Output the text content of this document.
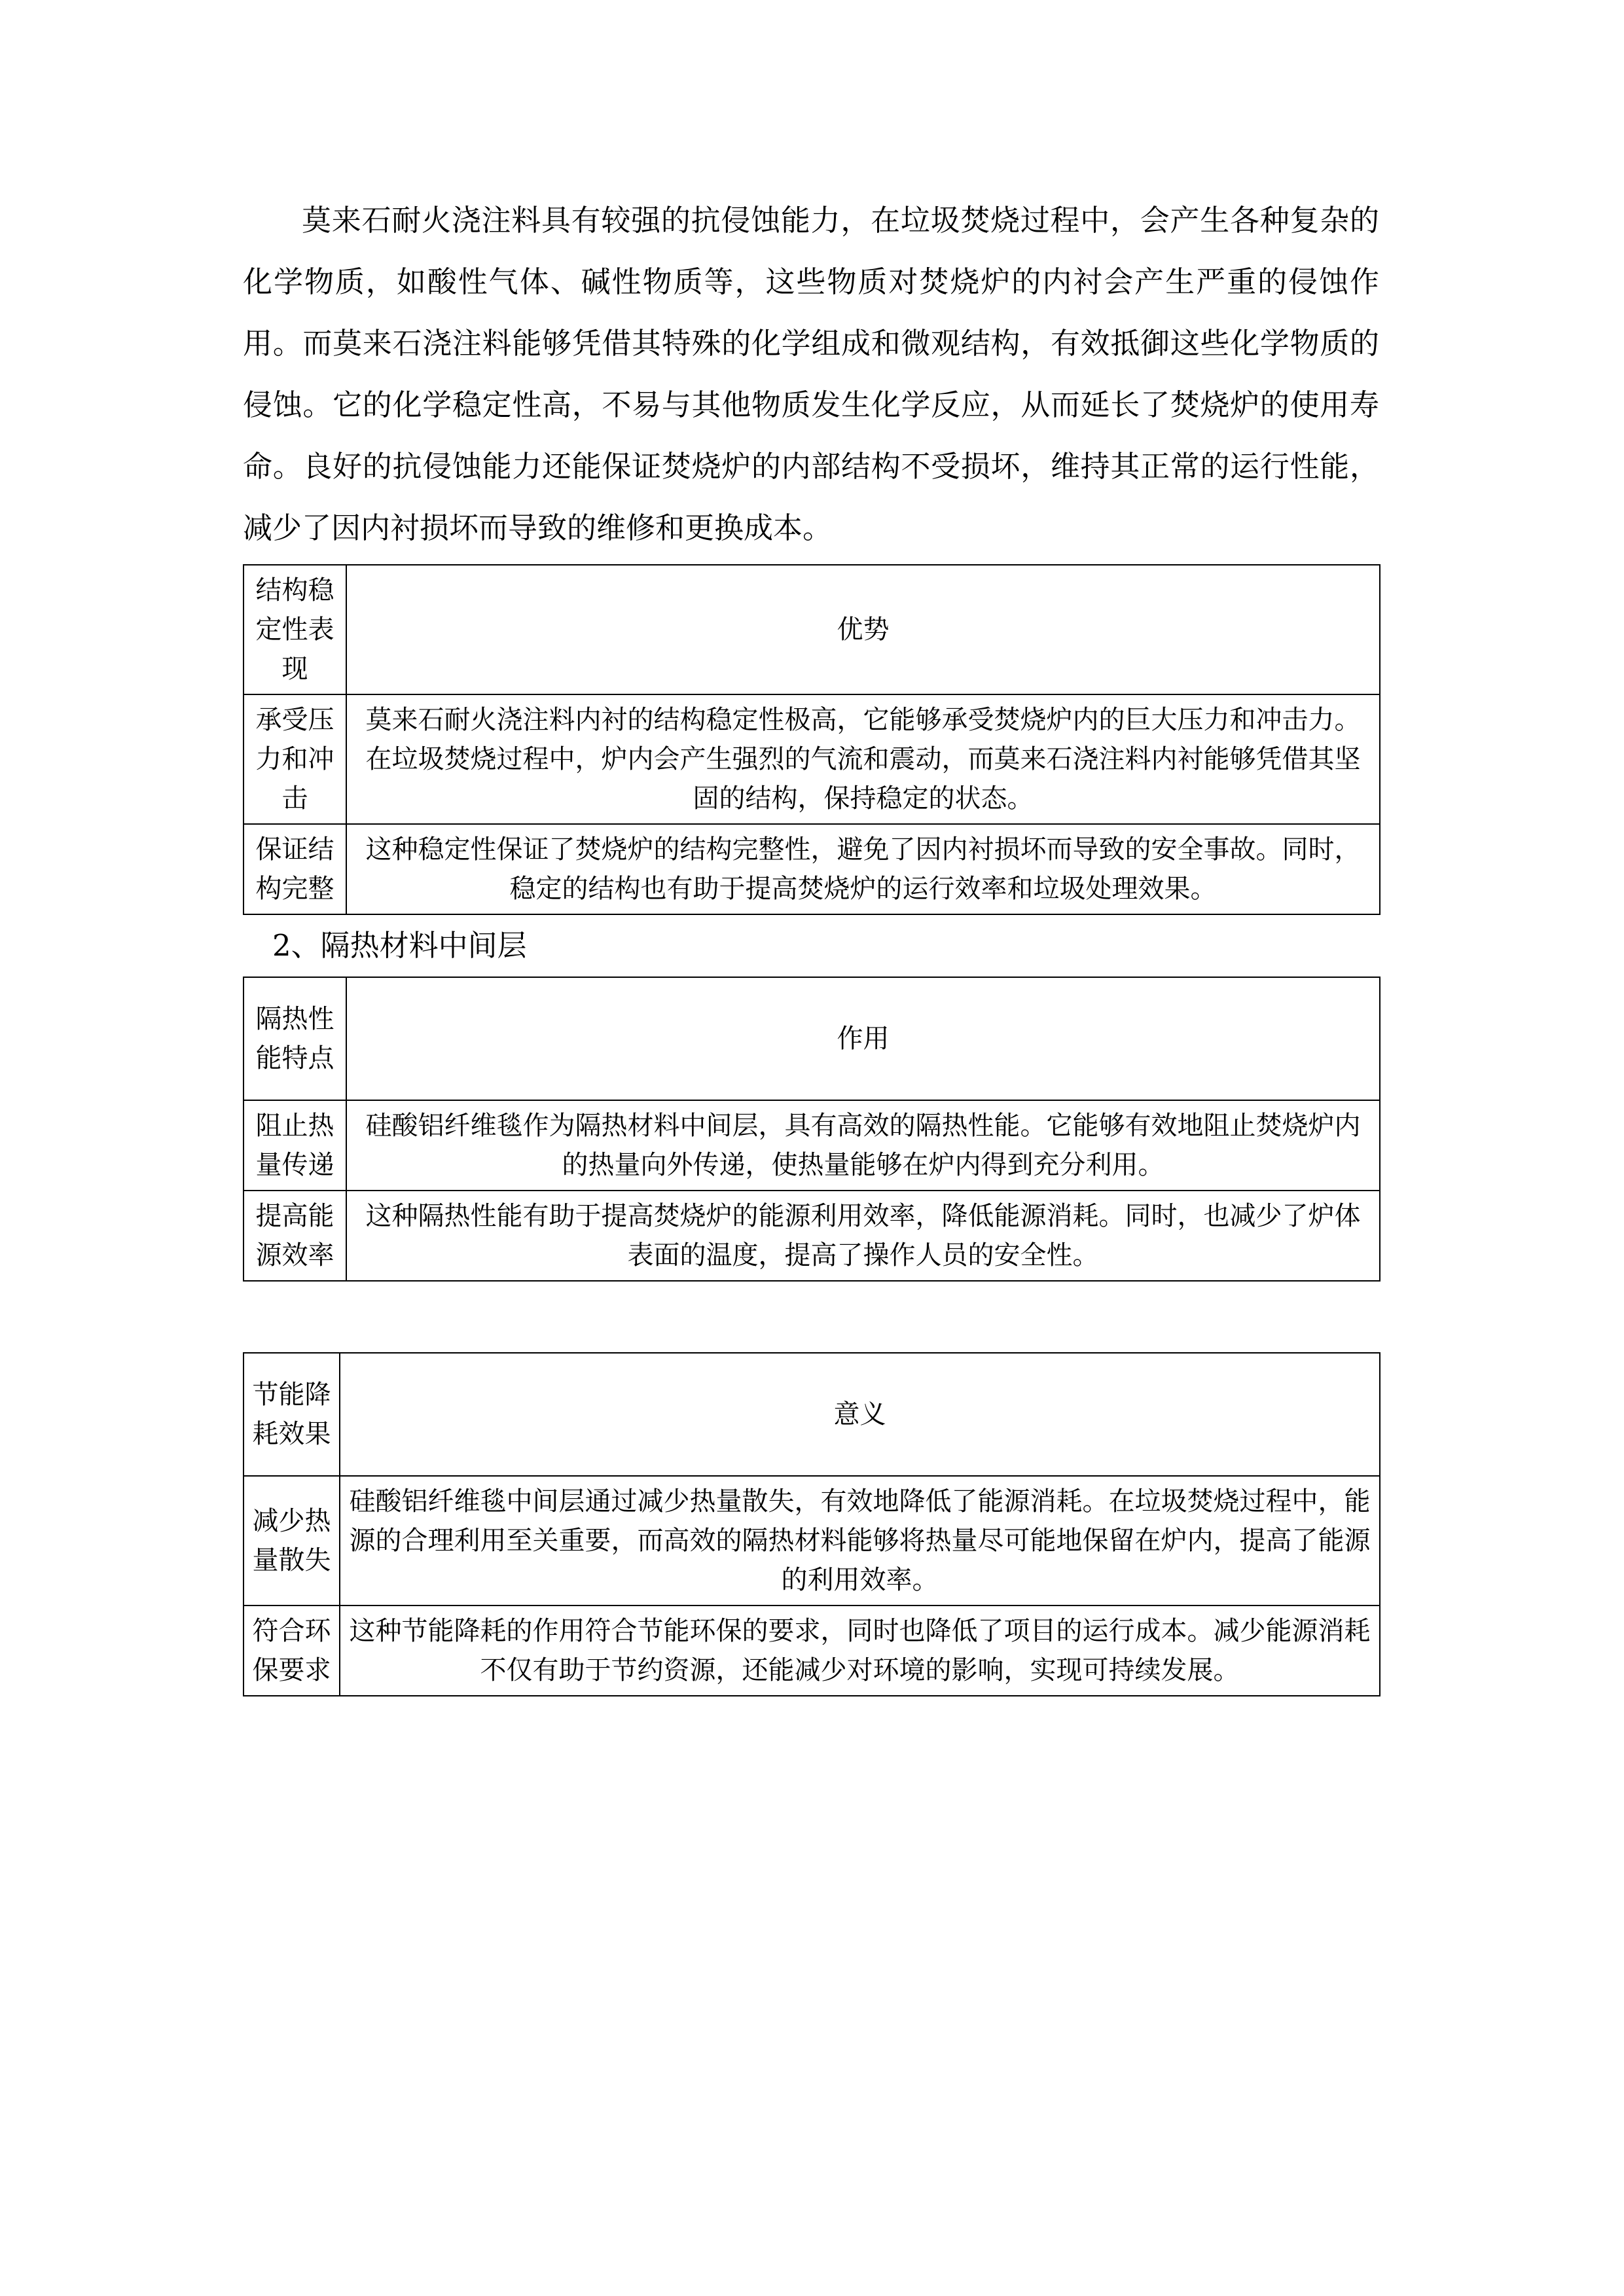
莫来石耐火浇注料具有较强的抗侵蚀能力，在垃圾焚烧过程中，会产生各种复杂的化学物质，如酸性气体、碱性物质等，这些物质对焚烧炉的内衬会产生严重的侵蚀作用。而莫来石浇注料能够凭借其特殊的化学组成和微观结构，有效抵御这些化学物质的侵蚀。它的化学稳定性高，不易与其他物质发生化学反应，从而延长了焚烧炉的使用寿命。良好的抗侵蚀能力还能保证焚烧炉的内部结构不受损坏，维持其正常的运行性能，减少了因内衬损坏而导致的维修和更换成本。

结构稳定性表现	优势
承受压力和冲击	莫来石耐火浇注料内衬的结构稳定性极高，它能够承受焚烧炉内的巨大压力和冲击力。在垃圾焚烧过程中，炉内会产生强烈的气流和震动，而莫来石浇注料内衬能够凭借其坚固的结构，保持稳定的状态。
保证结构完整	这种稳定性保证了焚烧炉的结构完整性，避免了因内衬损坏而导致的安全事故。同时，稳定的结构也有助于提高焚烧炉的运行效率和垃圾处理效果。

2、隔热材料中间层

隔热性能特点	作用
阻止热量传递	硅酸铝纤维毯作为隔热材料中间层，具有高效的隔热性能。它能够有效地阻止焚烧炉内的热量向外传递，使热量能够在炉内得到充分利用。
提高能源效率	这种隔热性能有助于提高焚烧炉的能源利用效率，降低能源消耗。同时，也减少了炉体表面的温度，提高了操作人员的安全性。
节能降耗效果	意义
减少热量散失	硅酸铝纤维毯中间层通过减少热量散失，有效地降低了能源消耗。在垃圾焚烧过程中，能源的合理利用至关重要，而高效的隔热材料能够将热量尽可能地保留在炉内，提高了能源的利用效率。
符合环保要求	这种节能降耗的作用符合节能环保的要求，同时也降低了项目的运行成本。减少能源消耗不仅有助于节约资源，还能减少对环境的影响，实现可持续发展。
